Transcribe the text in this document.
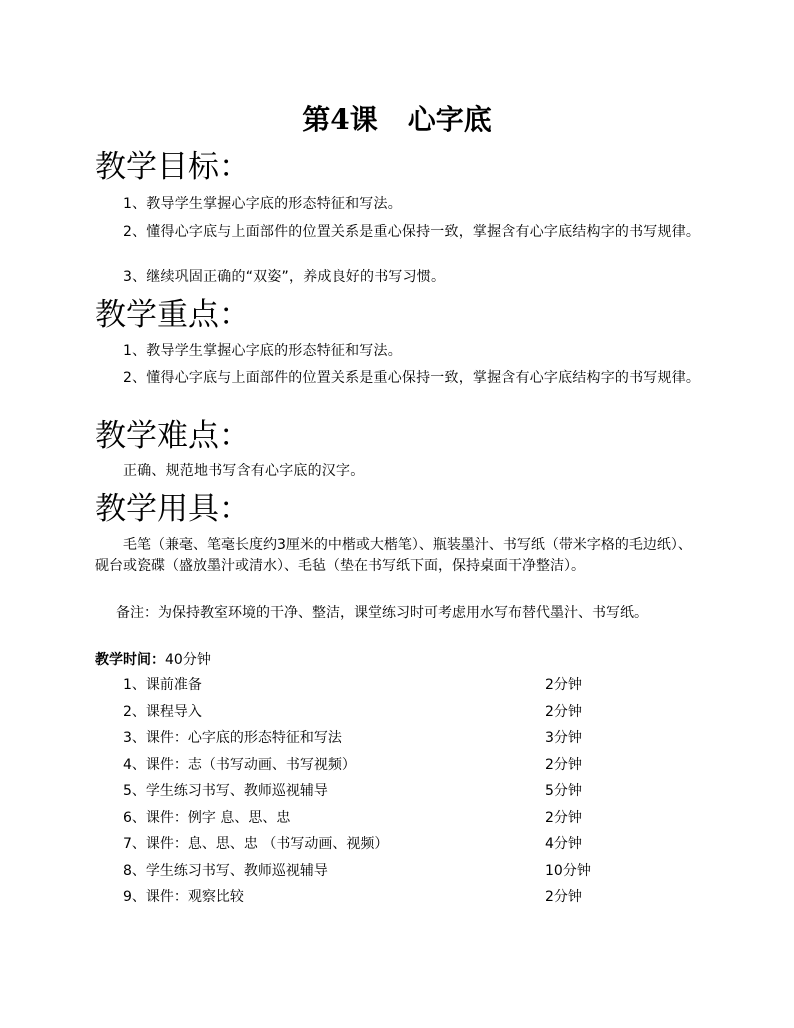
第4课 心字底
教学目标：
1、教导学生掌握心字底的形态特征和写法。
2、懂得心字底与上面部件的位置关系是重心保持一致，掌握含有心字底结构字的书写规律。
3、继续巩固正确的“双姿”，养成良好的书写习惯。
教学重点：
1、教导学生掌握心字底的形态特征和写法。
2、懂得心字底与上面部件的位置关系是重心保持一致，掌握含有心字底结构字的书写规律。
教学难点：
正确、规范地书写含有心字底的汉字。
教学用具：
毛笔（兼毫、笔毫长度约3厘米的中楷或大楷笔）、瓶装墨汁、书写纸（带米字格的毛边纸）、砚台或瓷碟（盛放墨汁或清水）、毛毡（垫在书写纸下面，保持桌面干净整洁）。
备注：为保持教室环境的干净、整洁，课堂练习时可考虑用水写布替代墨汁、书写纸。
教学时间：40分钟
1、课前准备	2分钟
2、课程导入	2分钟
3、课件：心字底的形态特征和写法	3分钟
4、课件：志（书写动画、书写视频）	2分钟
5、学生练习书写、教师巡视辅导	5分钟
6、课件：例字 息、思、忠	2分钟
7、课件：息、思、忠 （书写动画、视频）	4分钟
8、学生练习书写、教师巡视辅导	10分钟
9、课件：观察比较	2分钟
